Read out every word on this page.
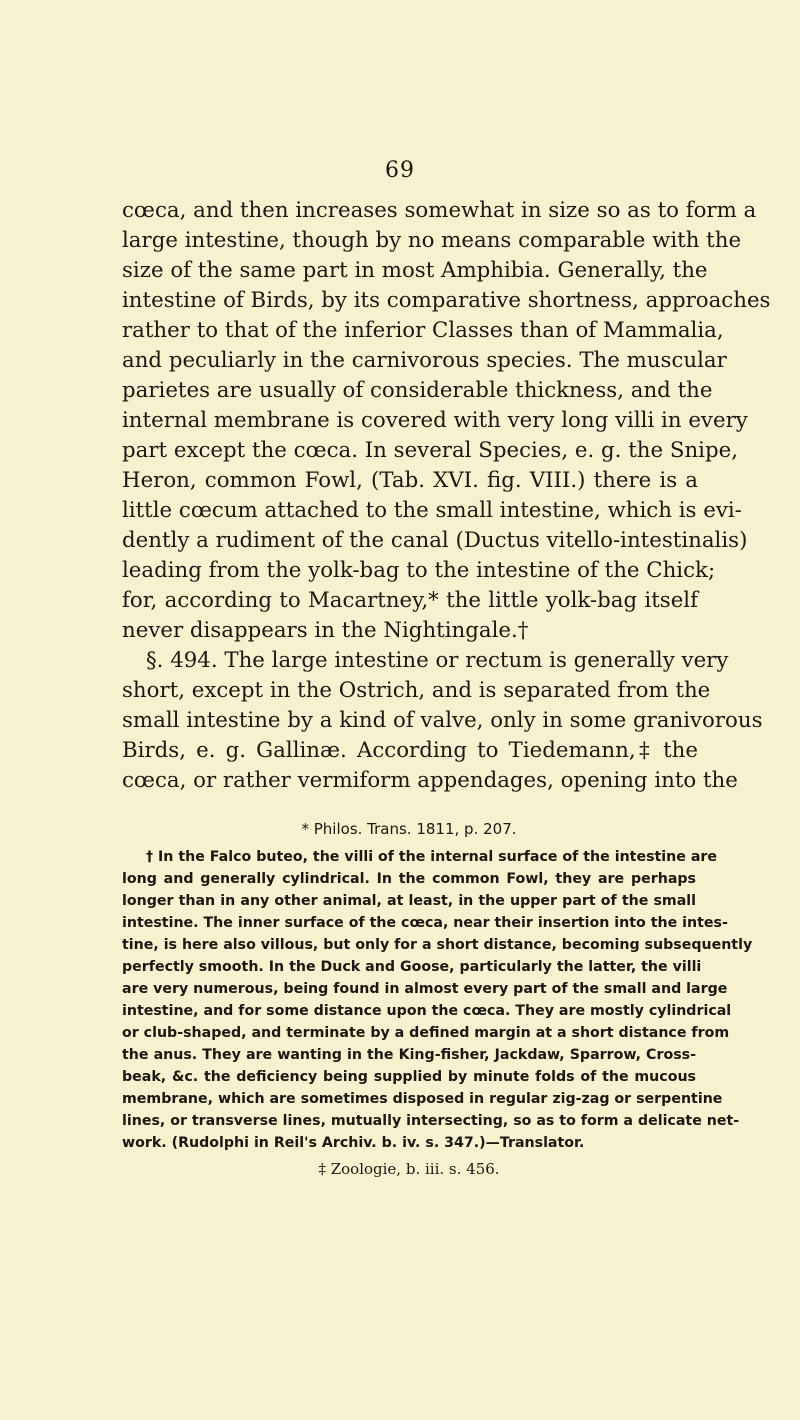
69
cœca, and then increases somewhat in size so as to form a
large intestine, though by no means comparable with the
size of the same part in most Amphibia. Generally, the
intestine of Birds, by its comparative shortness, approaches
rather to that of the inferior Classes than of Mammalia,
and peculiarly in the carnivorous species. The muscular
parietes are usually of considerable thickness, and the
internal membrane is covered with very long villi in every
part except the cœca. In several Species, e. g. the Snipe,
Heron, common Fowl, (Tab. XVI. fig. VIII.) there is a
little cœcum attached to the small intestine, which is evi-
dently a rudiment of the canal (Ductus vitello-intestinalis)
leading from the yolk-bag to the intestine of the Chick;
for, according to Macartney,* the little yolk-bag itself
never disappears in the Nightingale.†
§. 494. The large intestine or rectum is generally very
short, except in the Ostrich, and is separated from the
small intestine by a kind of valve, only in some granivorous
Birds, e. g. Gallinæ. According to Tiedemann,‡ the
cœca, or rather vermiform appendages, opening into the
* Philos. Trans. 1811, p. 207.
† In the Falco buteo, the villi of the internal surface of the intestine are
long and generally cylindrical. In the common Fowl, they are perhaps
longer than in any other animal, at least, in the upper part of the small
intestine. The inner surface of the cœca, near their insertion into the intes-
tine, is here also villous, but only for a short distance, becoming subsequently
perfectly smooth. In the Duck and Goose, particularly the latter, the villi
are very numerous, being found in almost every part of the small and large
intestine, and for some distance upon the cœca. They are mostly cylindrical
or club-shaped, and terminate by a defined margin at a short distance from
the anus. They are wanting in the King-fisher, Jackdaw, Sparrow, Cross-
beak, &c. the deficiency being supplied by minute folds of the mucous
membrane, which are sometimes disposed in regular zig-zag or serpentine
lines, or transverse lines, mutually intersecting, so as to form a delicate net-
work. (Rudolphi in Reil's Archiv. b. iv. s. 347.)—Translator.
‡ Zoologie, b. iii. s. 456.
